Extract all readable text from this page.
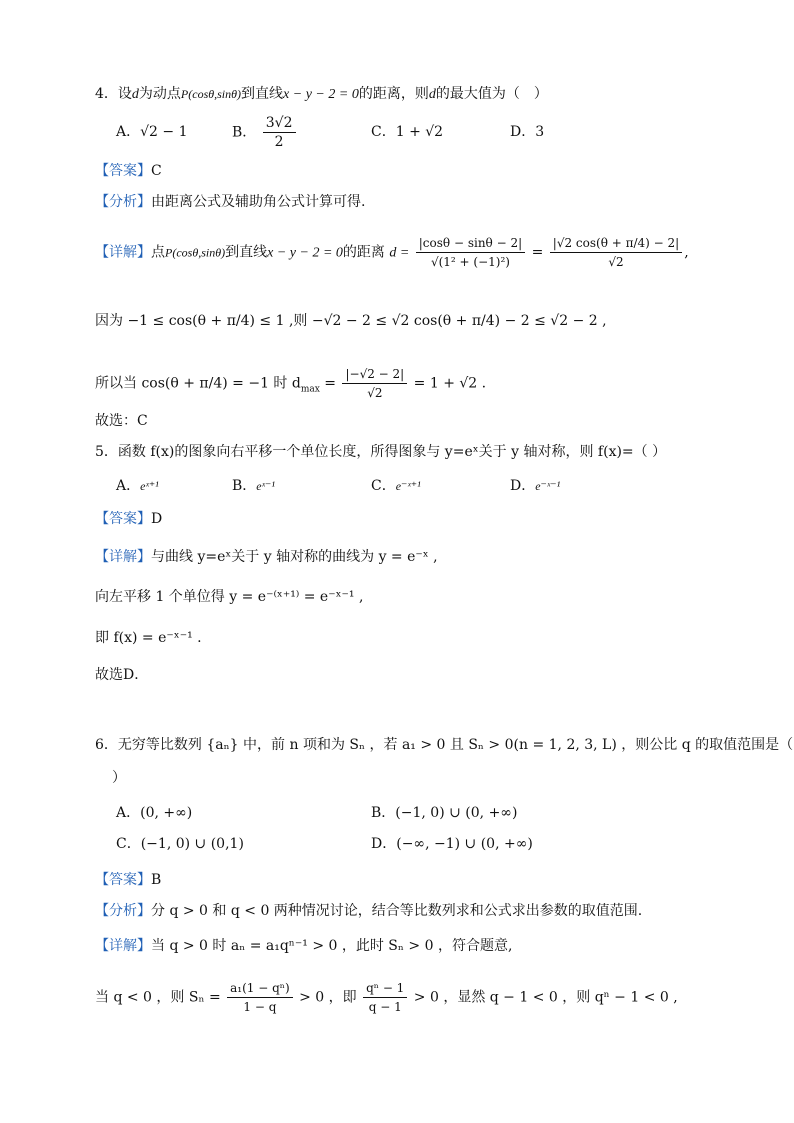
4．设d为动点P(cosθ,sinθ)到直线x − y − 2 = 0的距离，则d的最大值为（　）
A．√2 − 1	B． $\frac{3√2}{2}$	C．1 + √2	D．3
【答案】C
【分析】由距离公式及辅助角公式计算可得.
【详解】点P(cosθ,sinθ)到直线x − y − 2 = 0的距离 $d = \frac{|\cos\theta - \sin\theta - 2|}{\text{√(1² + (−1)²)}} = \frac{|√2 \cos(\theta + \pi/4) - 2|}{√2}$ ,
因为 −1 ≤ cos(θ + π/4) ≤ 1 ,则 −√2 − 2 ≤ √2 cos(θ + π/4) − 2 ≤ √2 − 2 ,
所以当 cos(θ + π/4) = −1 时 $d_{max} = \frac{|-√2 - 2|}{√2} = 1 + √2$ .
故选：C
5．函数 f(x)的图象向右平移一个单位长度，所得图象与 y=eˣ关于 y 轴对称，则 f(x)=（ ）
A．eˣ⁺¹	B．eˣ⁻¹	C．e⁻ˣ⁺¹	D．e⁻ˣ⁻¹
【答案】D
【详解】与曲线 y=eˣ关于 y 轴对称的曲线为 y = e⁻ˣ ,
向左平移 1 个单位得 y = e⁻⁽ˣ⁺¹⁾ = e⁻ˣ⁻¹ ,
即 f(x) = e⁻ˣ⁻¹ .
故选D．
6．无穷等比数列 {aₙ} 中，前 n 项和为 Sₙ ，若 a₁ > 0 且 Sₙ > 0(n = 1, 2, 3, L) ，则公比 q 的取值范围是（
）
A．(0, +∞)	B．(−1, 0) ∪ (0, +∞)
C．(−1, 0) ∪ (0,1)	D．(−∞, −1) ∪ (0, +∞)
【答案】B
【分析】分 q > 0 和 q < 0 两种情况讨论，结合等比数列求和公式求出参数的取值范围.
【详解】当 q > 0 时 aₙ = a₁qⁿ⁻¹ > 0 ，此时 Sₙ > 0 ，符合题意,
当 q < 0 ，则 $S_n = \frac{\text{a₁(1 − qⁿ)}}{1 - q} > 0$ ，即 $\frac{\text{qⁿ − 1}}{q - 1} > 0$ ，显然 q − 1 < 0 ，则 qⁿ − 1 < 0 ,
